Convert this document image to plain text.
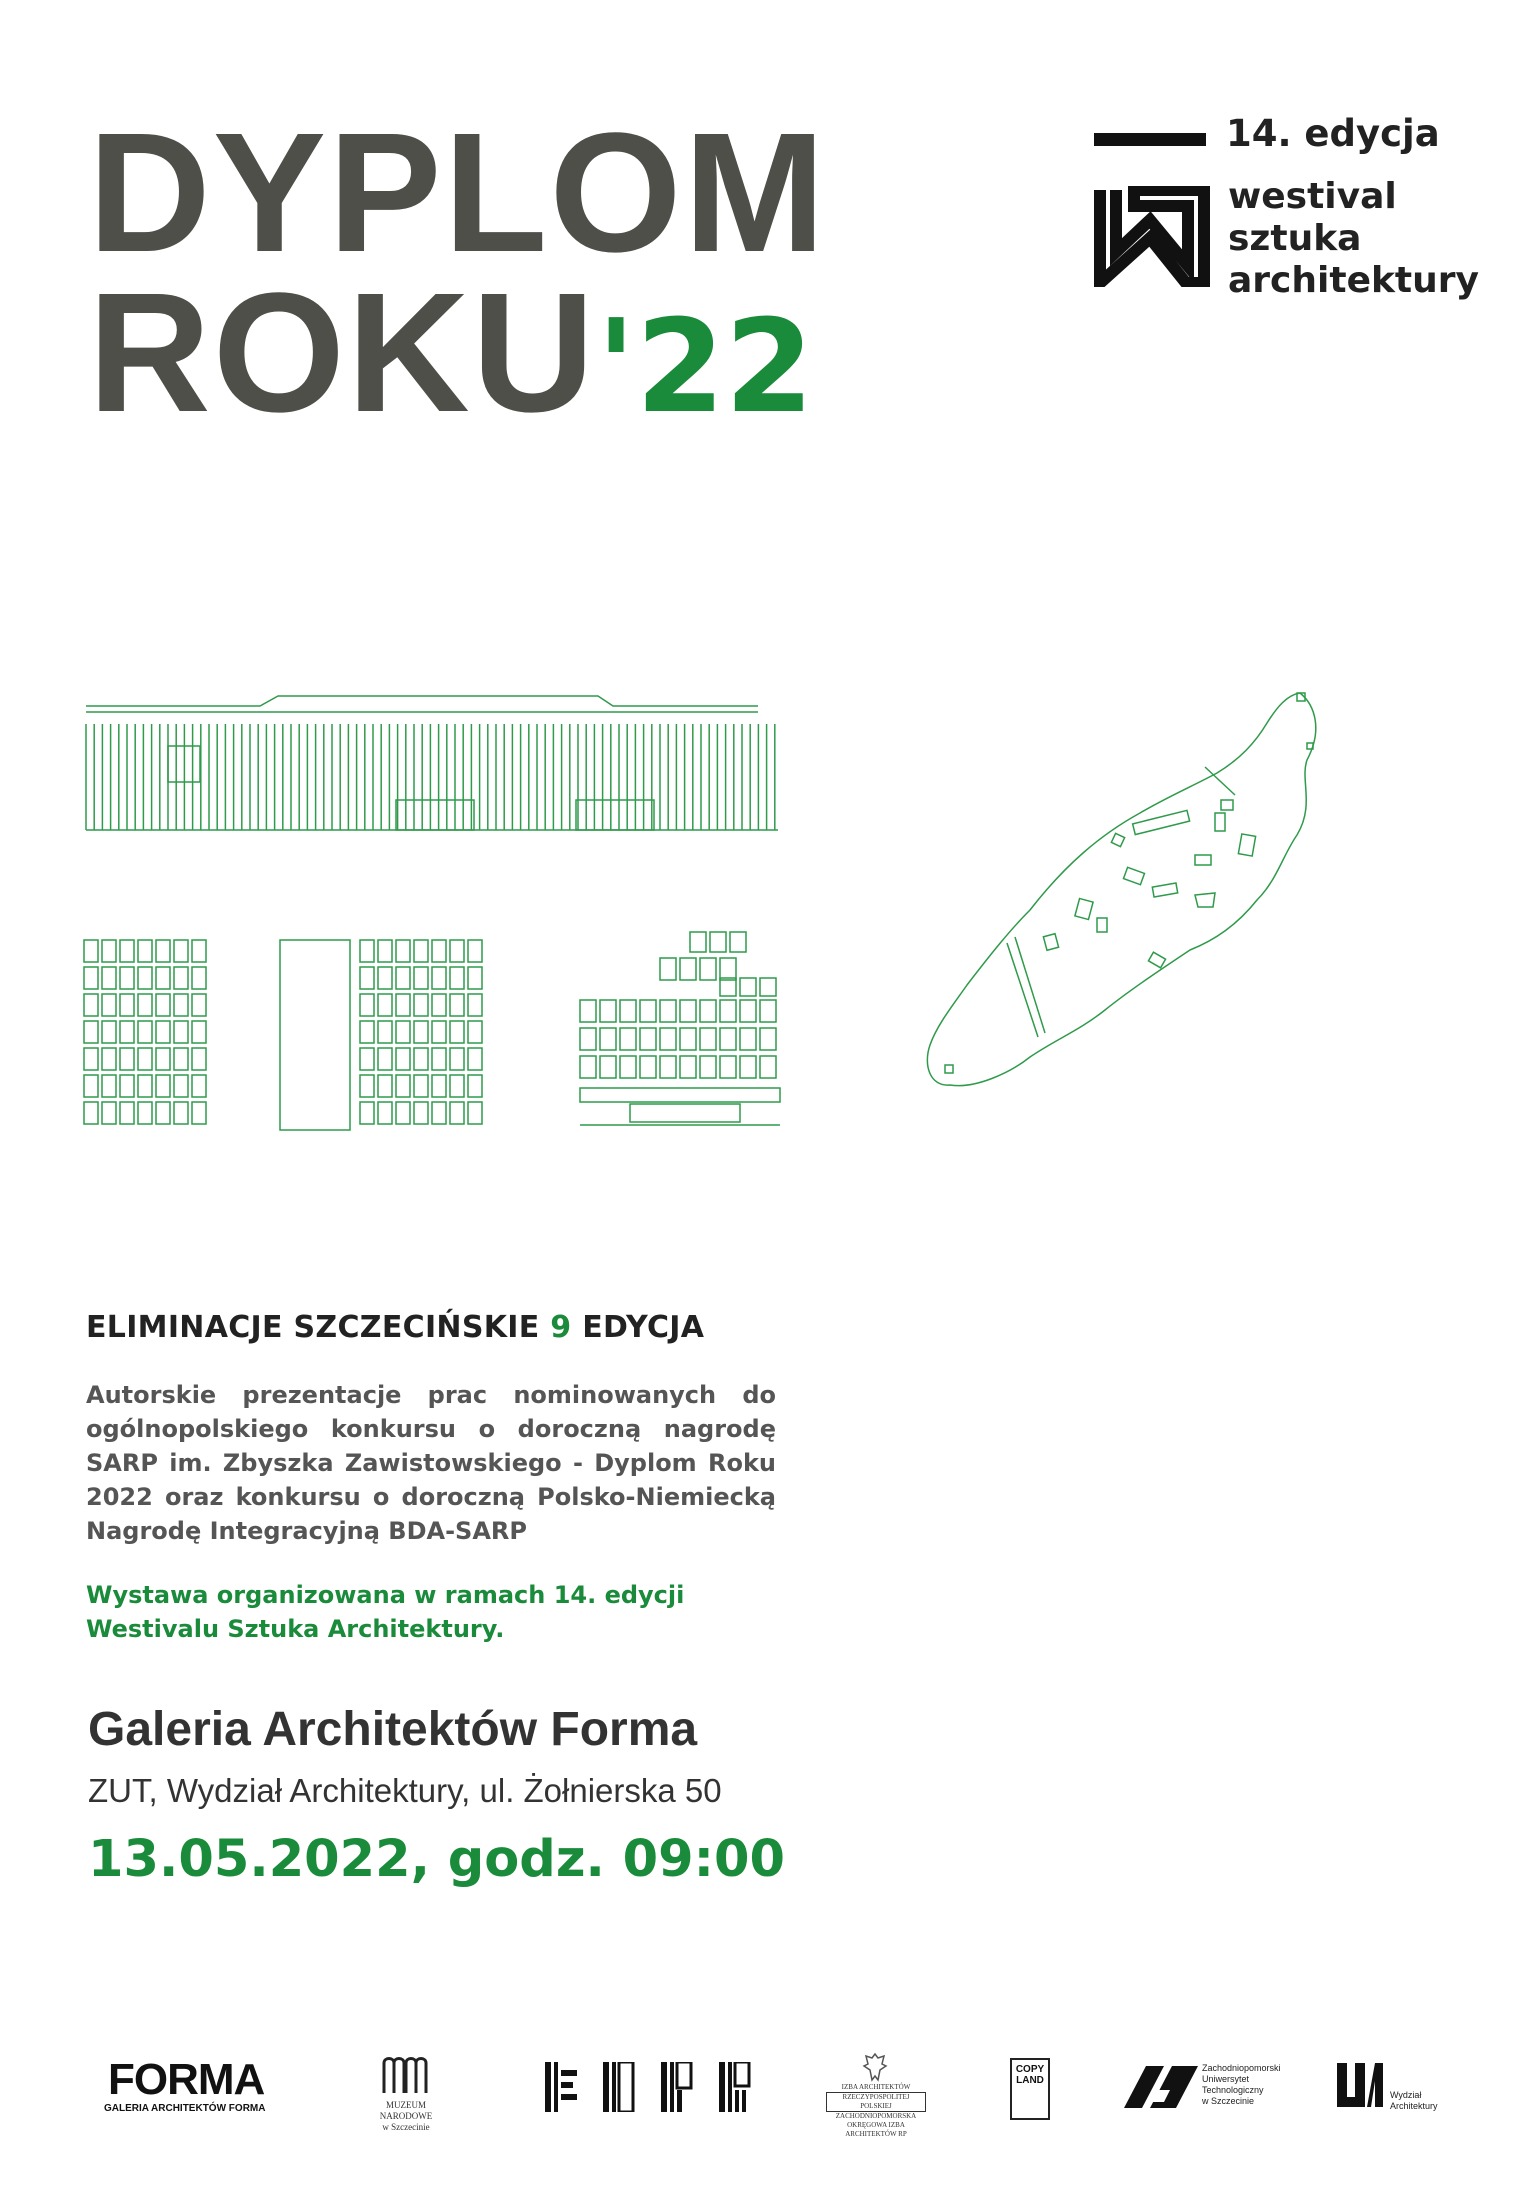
DYPLOM
ROKU'22
14. edycja
westival
sztuka
architektury
ELIMINACJE SZCZECIŃSKIE 9 EDYCJA
Autorskie prezentacje prac nominowanych do ogólnopolskiego konkursu o doroczną nagrodę SARP im. Zbyszka Zawistowskiego - Dyplom Roku 2022 oraz konkursu o doroczną Polsko-Niemiecką Nagrodę Integracyjną BDA-SARP
Wystawa organizowana w ramach 14. edycji Westivalu Sztuka Architektury.
Galeria Architektów Forma
ZUT, Wydział Architektury, ul. Żołnierska 50
13.05.2022, godz. 09:00
FORMA
GALERIA ARCHITEKTÓW FORMA	MUZEUM NARODOWE
w Szczecinie
IZBA ARCHITEKTÓW
RZECZYPOSPOLITEJ POLSKIEJ
ZACHODNIOPOMORSKA
OKRĘGOWA IZBA ARCHITEKTÓW RP
COPY
LAND
Zachodniopomorski
Uniwersytet
Technologiczny
w Szczecinie
Wydział
Architektury
